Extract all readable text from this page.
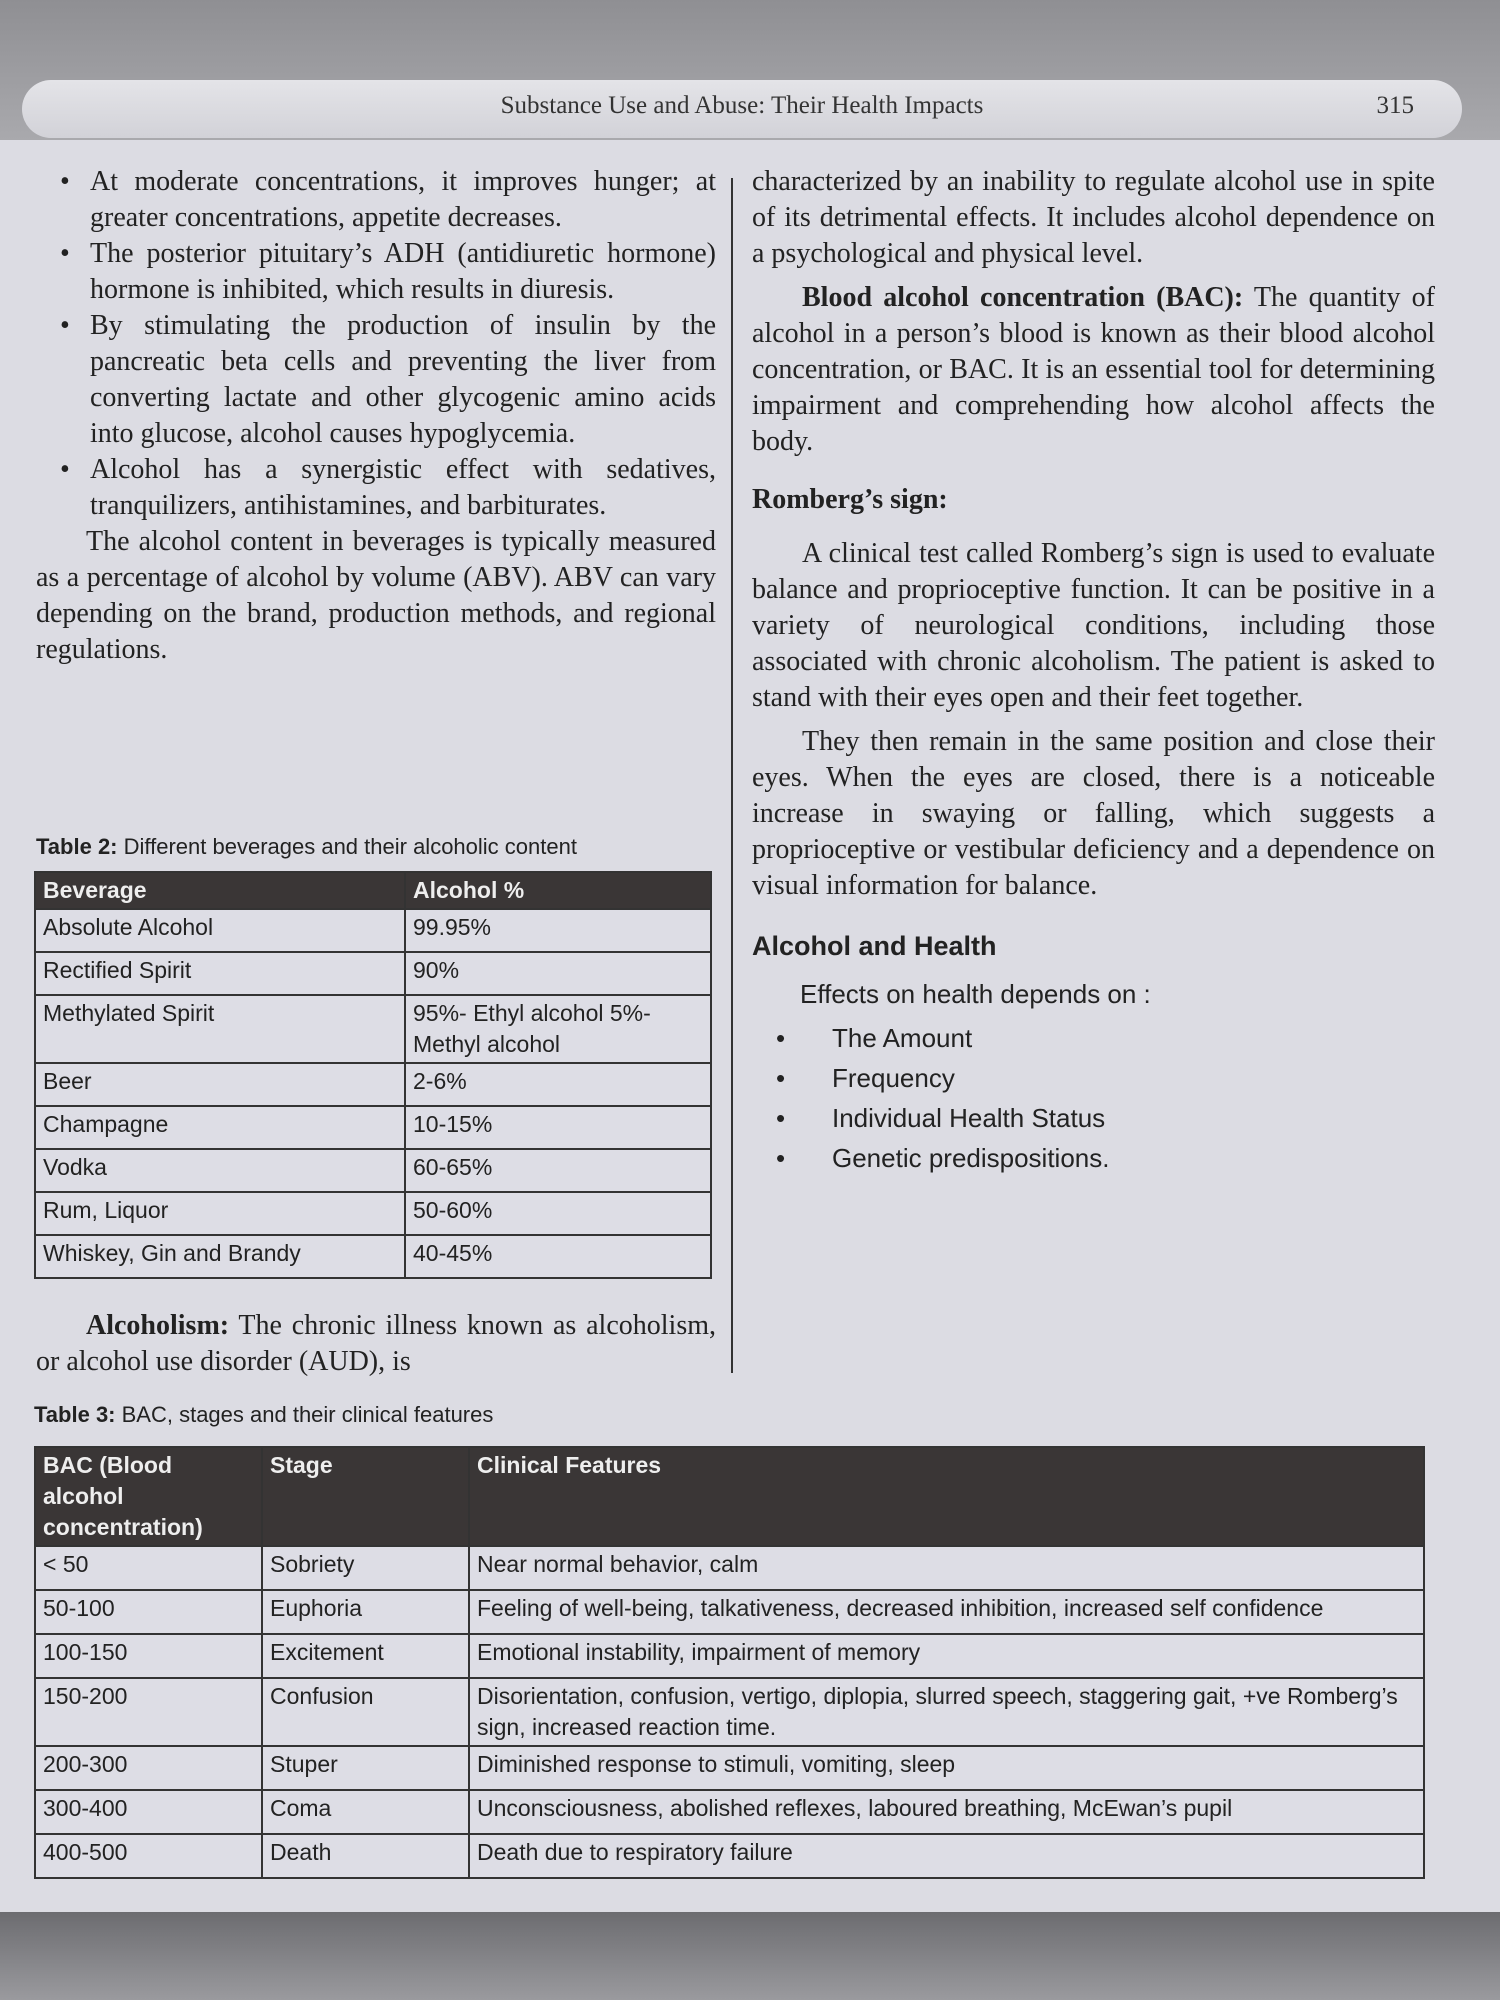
Substance Use and Abuse: Their Health Impacts	315
• At moderate concentrations, it improves hunger; at greater concentrations, appetite decreases.
• The posterior pituitary’s ADH (antidiuretic hormone) hormone is inhibited, which results in diuresis.
• By stimulating the production of insulin by the pancreatic beta cells and preventing the liver from converting lactate and other glycogenic amino acids into glucose, alcohol causes hypoglycemia.
• Alcohol has a synergistic effect with sedatives, tranquilizers, antihistamines, and barbiturates.

The alcohol content in beverages is typically measured as a percentage of alcohol by volume (ABV). ABV can vary depending on the brand, production methods, and regional regulations.

Table 2: Different beverages and their alcoholic content
Beverage	Alcohol %
Absolute Alcohol	99.95%
Rectified Spirit	90%
Methylated Spirit	95%- Ethyl alcohol 5%- Methyl alcohol
Beer	2-6%
Champagne	10-15%
Vodka	60-65%
Rum, Liquor	50-60%
Whiskey, Gin and Brandy	40-45%

Alcoholism: The chronic illness known as alcoholism, or alcohol use disorder (AUD), is

characterized by an inability to regulate alcohol use in spite of its detrimental effects. It includes alcohol dependence on a psychological and physical level.

Blood alcohol concentration (BAC): The quantity of alcohol in a person’s blood is known as their blood alcohol concentration, or BAC. It is an essential tool for determining impairment and comprehending how alcohol affects the body.

Romberg’s sign:

A clinical test called Romberg’s sign is used to evaluate balance and proprioceptive function. It can be positive in a variety of neurological conditions, including those associated with chronic alcoholism. The patient is asked to stand with their eyes open and their feet together.

They then remain in the same position and close their eyes. When the eyes are closed, there is a noticeable increase in swaying or falling, which suggests a proprioceptive or vestibular deficiency and a dependence on visual information for balance.

Alcohol and Health

Effects on health depends on :

• The Amount
• Frequency
• Individual Health Status
• Genetic predispositions.
Table 3: BAC, stages and their clinical features
BAC (Blood alcohol concentration)	Stage	Clinical Features
< 50	Sobriety	Near normal behavior, calm
50-100	Euphoria	Feeling of well-being, talkativeness, decreased inhibition, increased self confidence
100-150	Excitement	Emotional instability, impairment of memory
150-200	Confusion	Disorientation, confusion, vertigo, diplopia, slurred speech, staggering gait, +ve Romberg’s sign, increased reaction time.
200-300	Stuper	Diminished response to stimuli, vomiting, sleep
300-400	Coma	Unconsciousness, abolished reflexes, laboured breathing, McEwan’s pupil
400-500	Death	Death due to respiratory failure
